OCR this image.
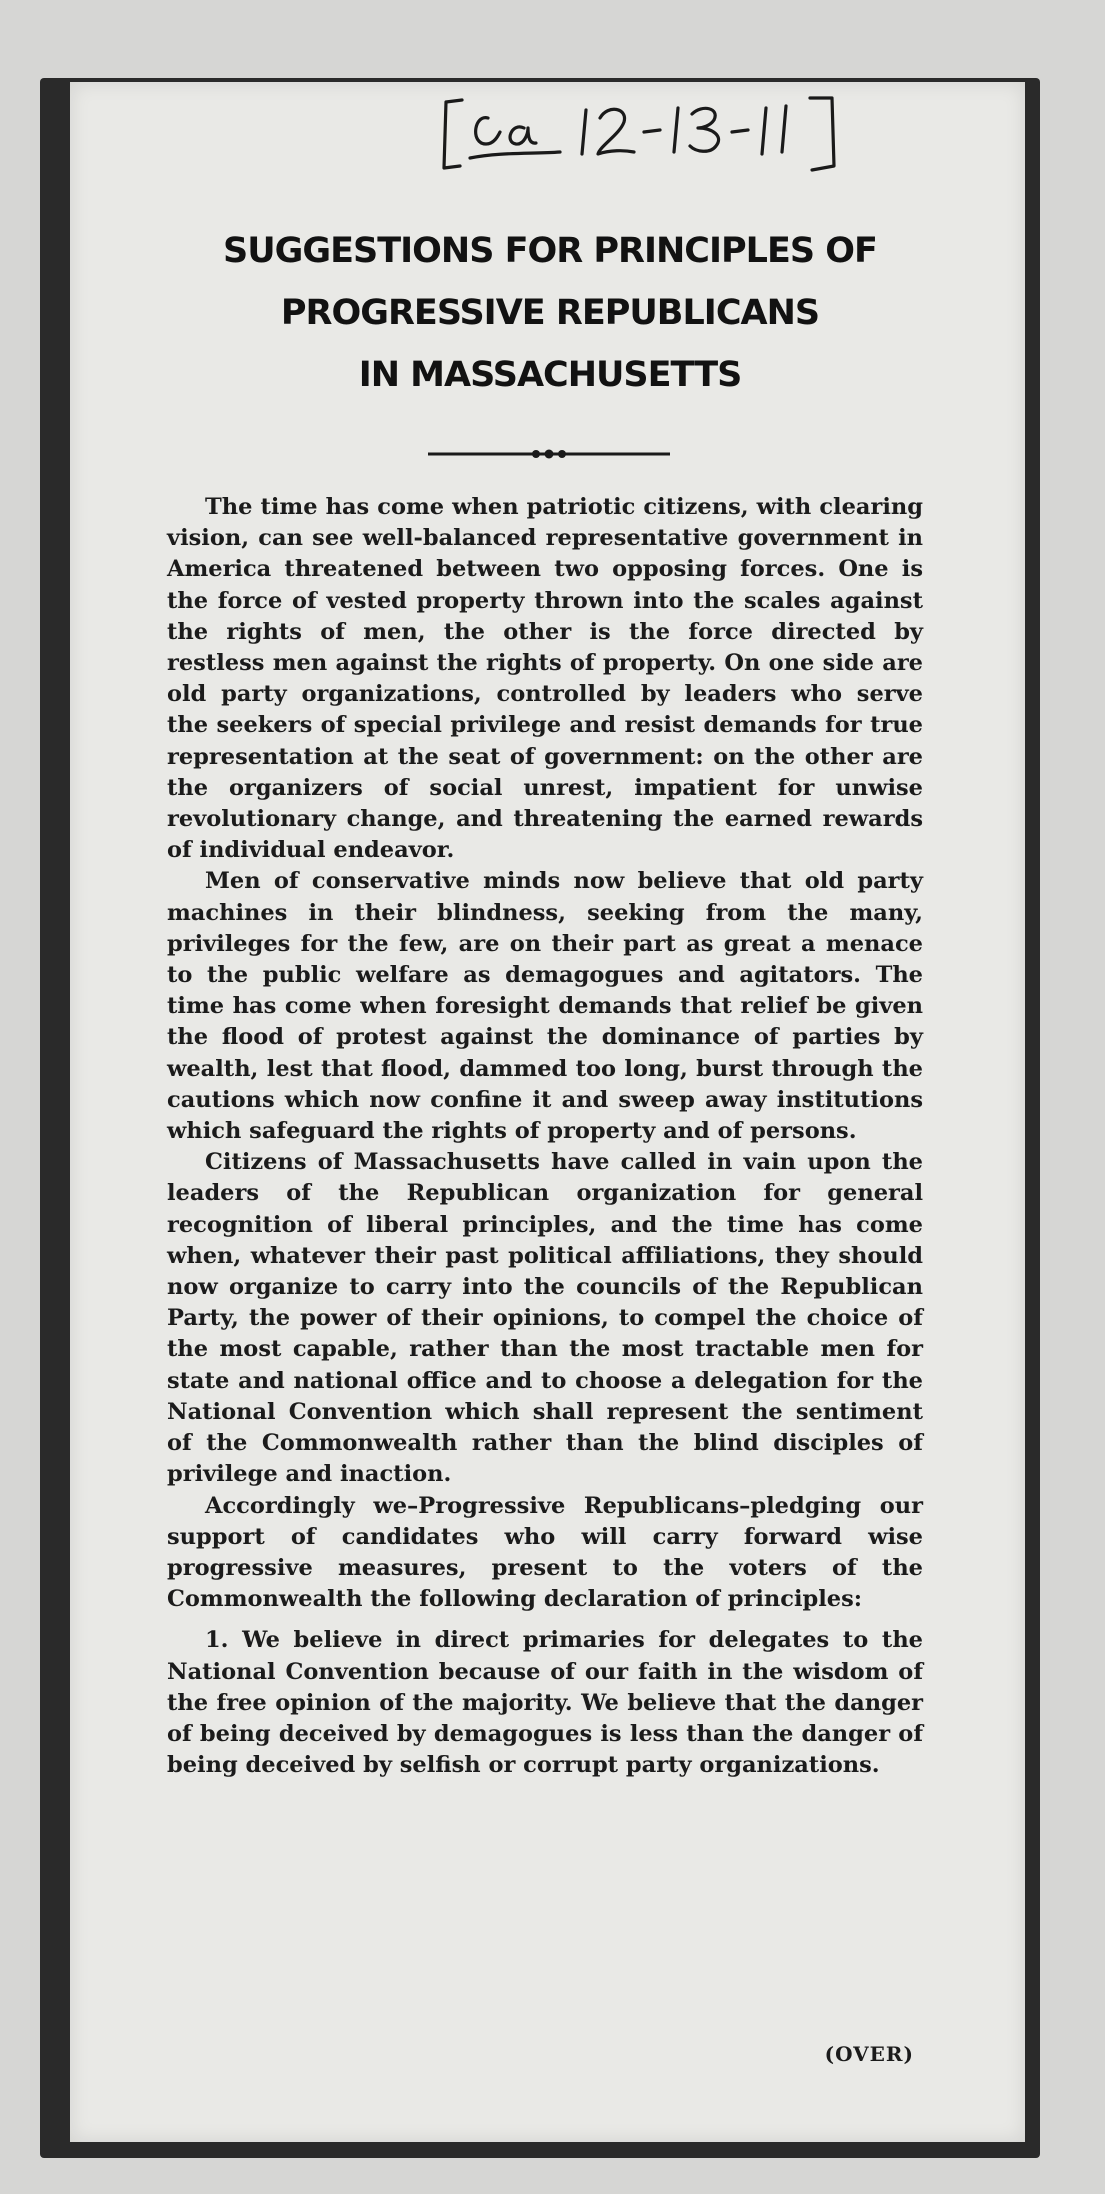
SUGGESTIONS FOR PRINCIPLES OF
PROGRESSIVE REPUBLICANS
IN MASSACHUSETTS

The time has come when patriotic citizens, with clearing vision, can see well-balanced representative government in America threatened between two opposing forces. One is the force of vested property thrown into the scales against the rights of men, the other is the force directed by restless men against the rights of property. On one side are old party organizations, controlled by leaders who serve the seekers of special privilege and resist demands for true representation at the seat of government: on the other are the organizers of social unrest, impatient for unwise revolutionary change, and threatening the earned rewards of individual endeavor.

Men of conservative minds now believe that old party machines in their blindness, seeking from the many, privileges for the few, are on their part as great a menace to the public welfare as demagogues and agitators. The time has come when foresight demands that relief be given the flood of protest against the dominance of parties by wealth, lest that flood, dammed too long, burst through the cautions which now confine it and sweep away institutions which safeguard the rights of property and of persons.

Citizens of Massachusetts have called in vain upon the leaders of the Republican organization for general recognition of liberal principles, and the time has come when, whatever their past political affiliations, they should now organize to carry into the councils of the Republican Party, the power of their opinions, to compel the choice of the most capable, rather than the most tractable men for state and national office and to choose a delegation for the National Convention which shall represent the sentiment of the Commonwealth rather than the blind disciples of privilege and inaction.

Accordingly we–Progressive Republicans–pledging our support of candidates who will carry forward wise progressive measures, present to the voters of the Commonwealth the following declaration of principles:

1. We believe in direct primaries for delegates to the National Convention because of our faith in the wisdom of the free opinion of the majority. We believe that the danger of being deceived by demagogues is less than the danger of being deceived by selfish or corrupt party organizations.

(OVER)
